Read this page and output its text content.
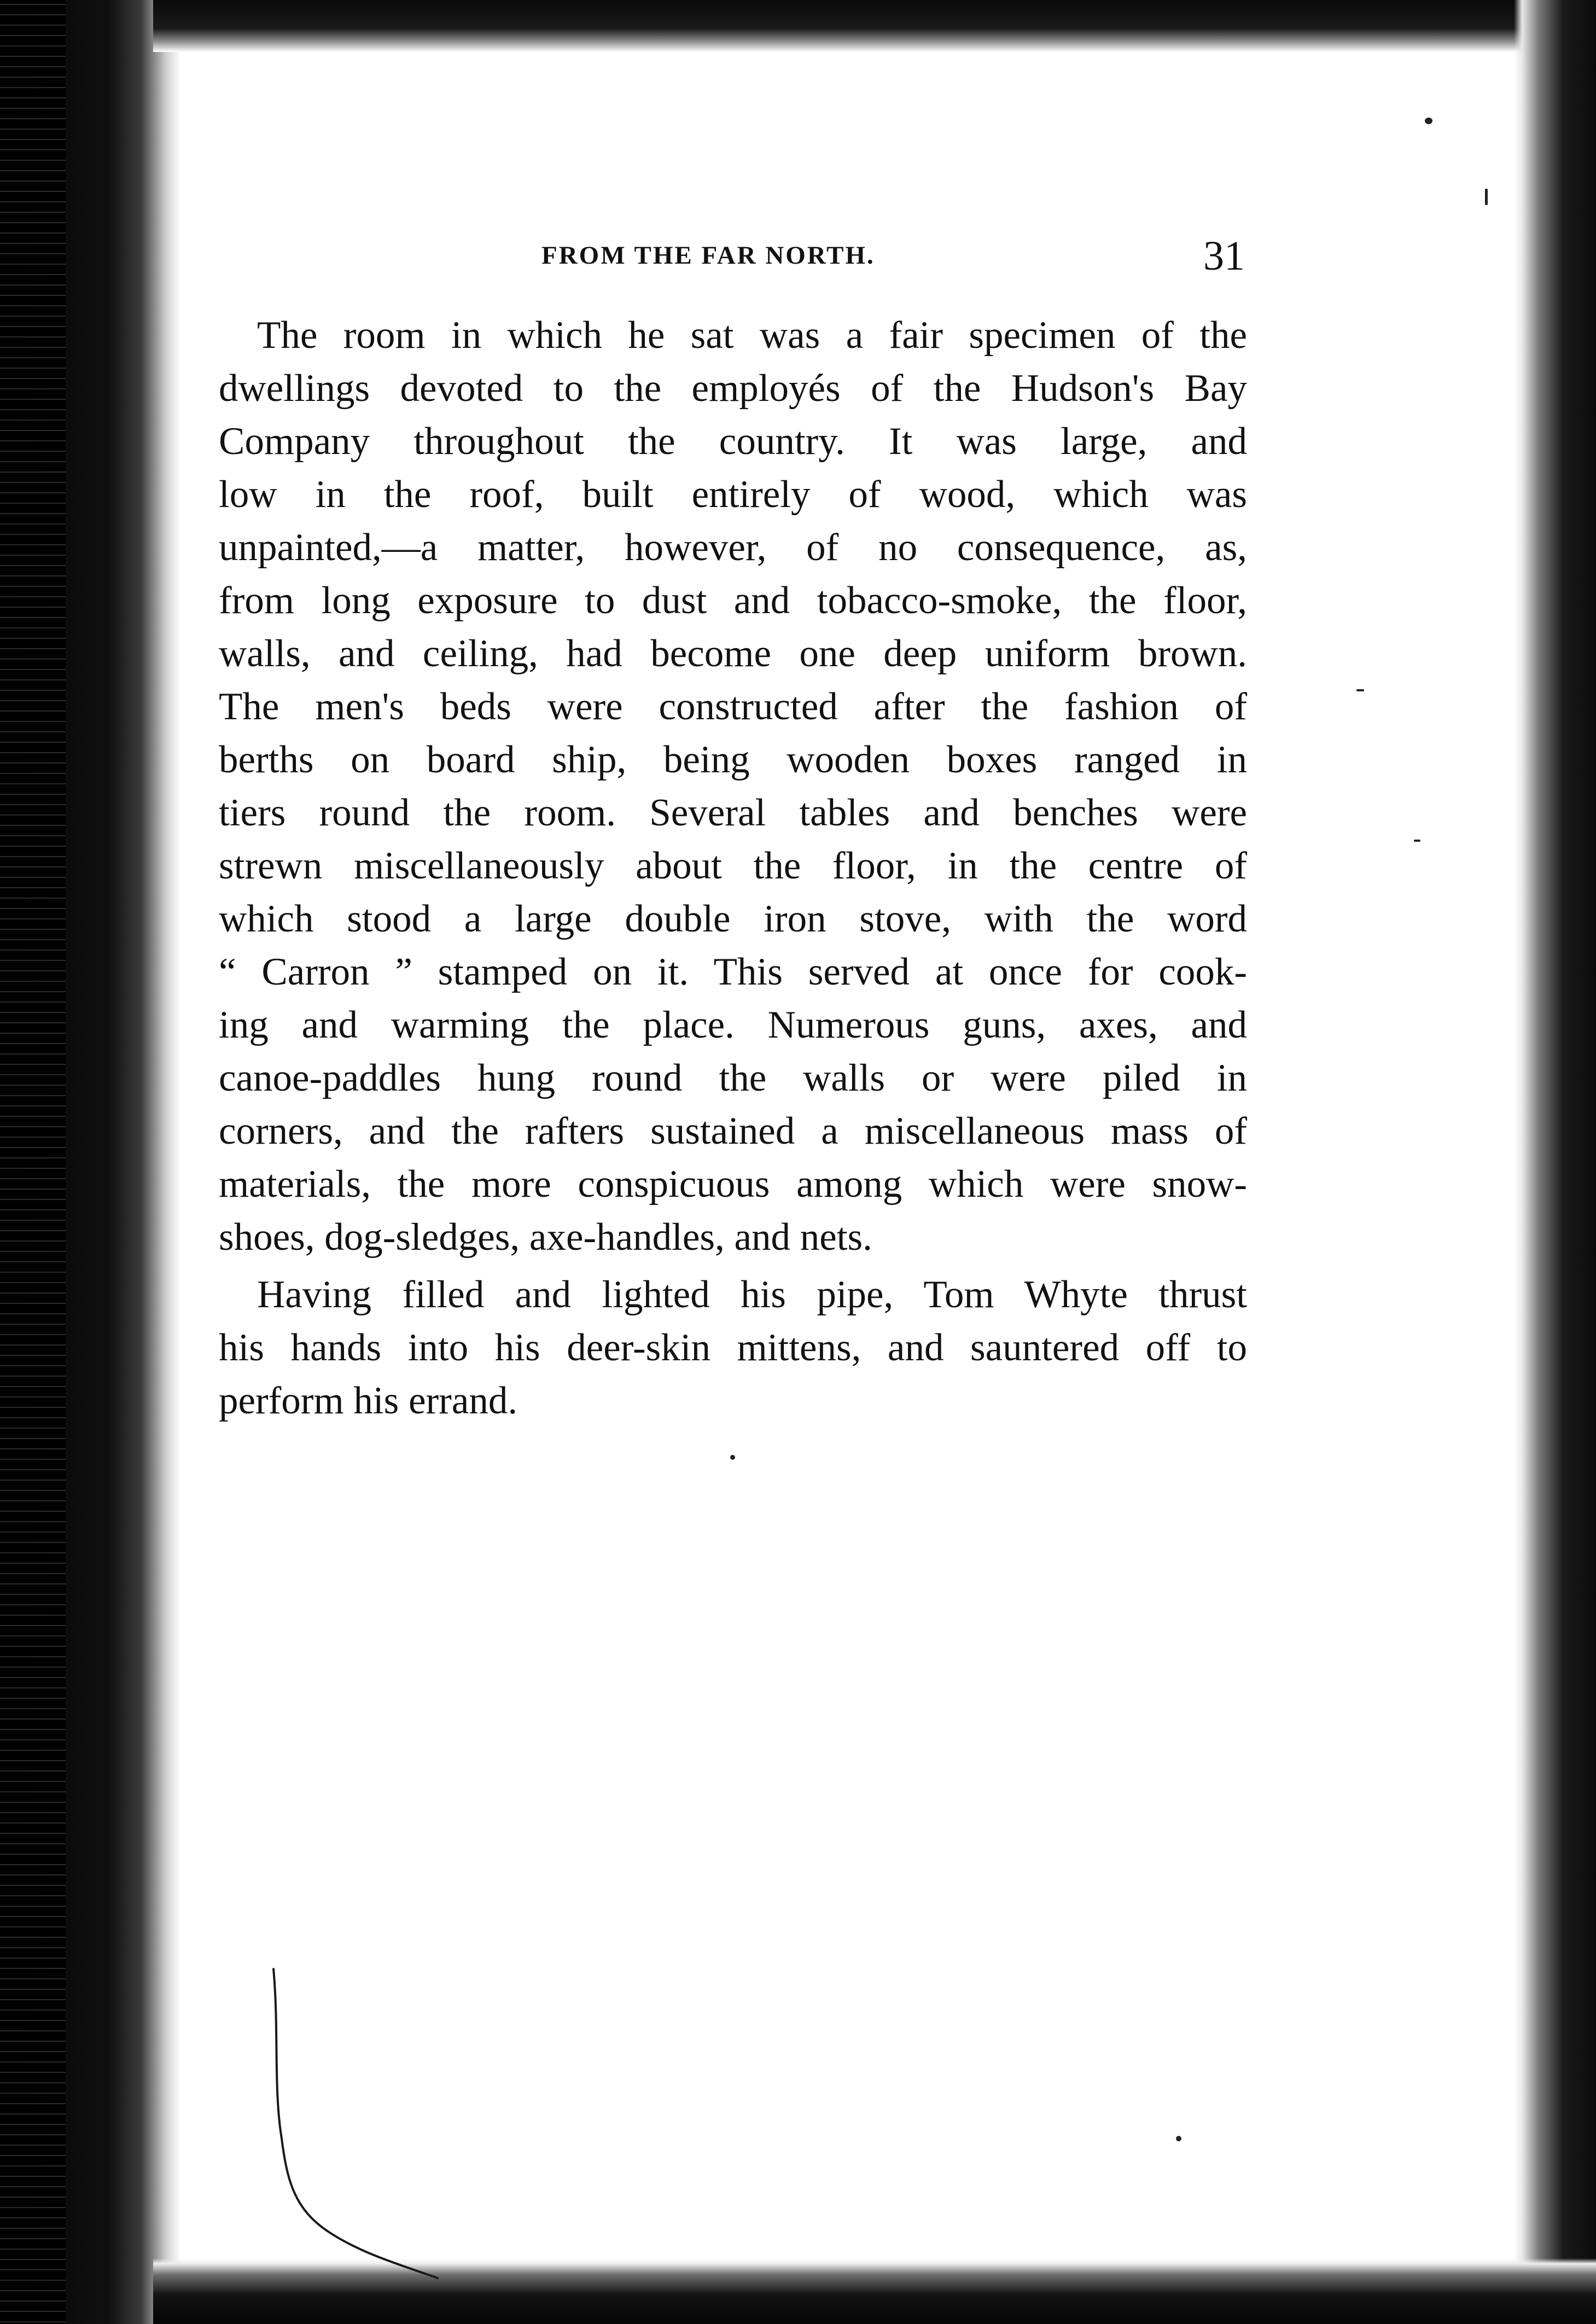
FROM THE FAR NORTH.	31
The room in which he sat was a fair specimen of the
dwellings devoted to the employés of the Hudson's Bay
Company throughout the country. It was large, and
low in the roof, built entirely of wood, which was
unpainted,—a matter, however, of no consequence, as,
from long exposure to dust and tobacco-smoke, the floor,
walls, and ceiling, had become one deep uniform brown.
The men's beds were constructed after the fashion of
berths on board ship, being wooden boxes ranged in
tiers round the room. Several tables and benches were
strewn miscellaneously about the floor, in the centre of
which stood a large double iron stove, with the word
“ Carron ” stamped on it. This served at once for cook-
ing and warming the place. Numerous guns, axes, and
canoe-paddles hung round the walls or were piled in
corners, and the rafters sustained a miscellaneous mass of
materials, the more conspicuous among which were snow-
shoes, dog-sledges, axe-handles, and nets.
Having filled and lighted his pipe, Tom Whyte thrust
his hands into his deer-skin mittens, and sauntered off to
perform his errand.
